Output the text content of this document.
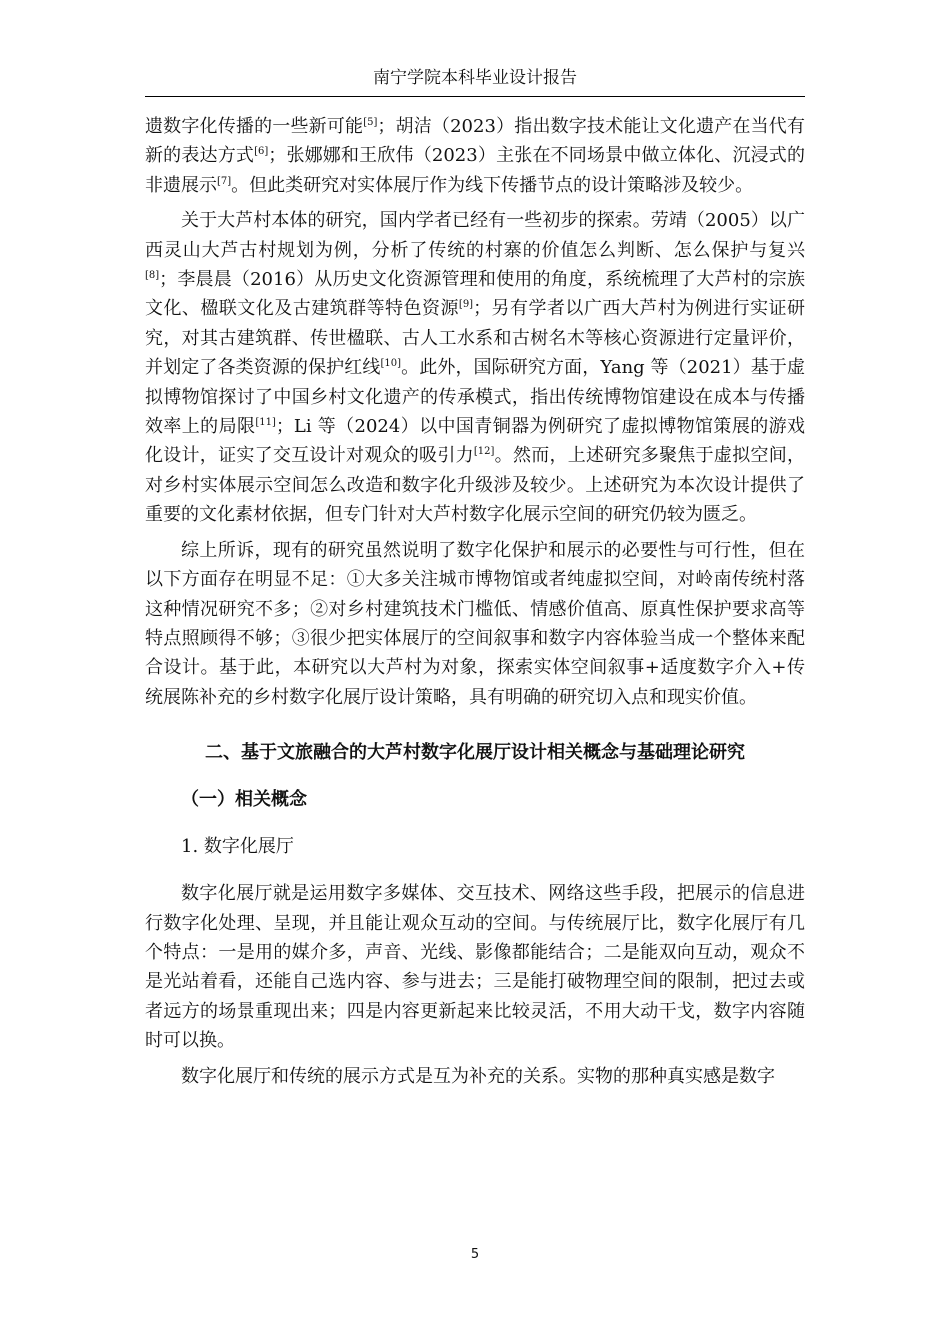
南宁学院本科毕业设计报告

遗数字化传播的一些新可能[5]；胡洁（2023）指出数字技术能让文化遗产在当代有新的表达方式[6]；张娜娜和王欣伟（2023）主张在不同场景中做立体化、沉浸式的非遗展示[7]。但此类研究对实体展厅作为线下传播节点的设计策略涉及较少。

关于大芦村本体的研究，国内学者已经有一些初步的探索。劳靖（2005）以广西灵山大芦古村规划为例，分析了传统的村寨的价值怎么判断、怎么保护与复兴[8]；李晨晨（2016）从历史文化资源管理和使用的角度，系统梳理了大芦村的宗族文化、楹联文化及古建筑群等特色资源[9]；另有学者以广西大芦村为例进行实证研究，对其古建筑群、传世楹联、古人工水系和古树名木等核心资源进行定量评价，并划定了各类资源的保护红线[10]。此外，国际研究方面，Yang 等（2021）基于虚拟博物馆探讨了中国乡村文化遗产的传承模式，指出传统博物馆建设在成本与传播效率上的局限[11]；Li 等（2024）以中国青铜器为例研究了虚拟博物馆策展的游戏化设计，证实了交互设计对观众的吸引力[12]。然而，上述研究多聚焦于虚拟空间，对乡村实体展示空间怎么改造和数字化升级涉及较少。上述研究为本次设计提供了重要的文化素材依据，但专门针对大芦村数字化展示空间的研究仍较为匮乏。

综上所诉，现有的研究虽然说明了数字化保护和展示的必要性与可行性，但在以下方面存在明显不足：①大多关注城市博物馆或者纯虚拟空间，对岭南传统村落这种情况研究不多；②对乡村建筑技术门槛低、情感价值高、原真性保护要求高等特点照顾得不够；③很少把实体展厅的空间叙事和数字内容体验当成一个整体来配合设计。基于此，本研究以大芦村为对象，探索实体空间叙事+适度数字介入+传统展陈补充的乡村数字化展厅设计策略，具有明确的研究切入点和现实价值。

二、基于文旅融合的大芦村数字化展厅设计相关概念与基础理论研究
（一）相关概念
1. 数字化展厅

数字化展厅就是运用数字多媒体、交互技术、网络这些手段，把展示的信息进行数字化处理、呈现，并且能让观众互动的空间。与传统展厅比，数字化展厅有几个特点：一是用的媒介多，声音、光线、影像都能结合；二是能双向互动，观众不是光站着看，还能自己选内容、参与进去；三是能打破物理空间的限制，把过去或者远方的场景重现出来；四是内容更新起来比较灵活，不用大动干戈，数字内容随时可以换。

数字化展厅和传统的展示方式是互为补充的关系。实物的那种真实感是数字

5
